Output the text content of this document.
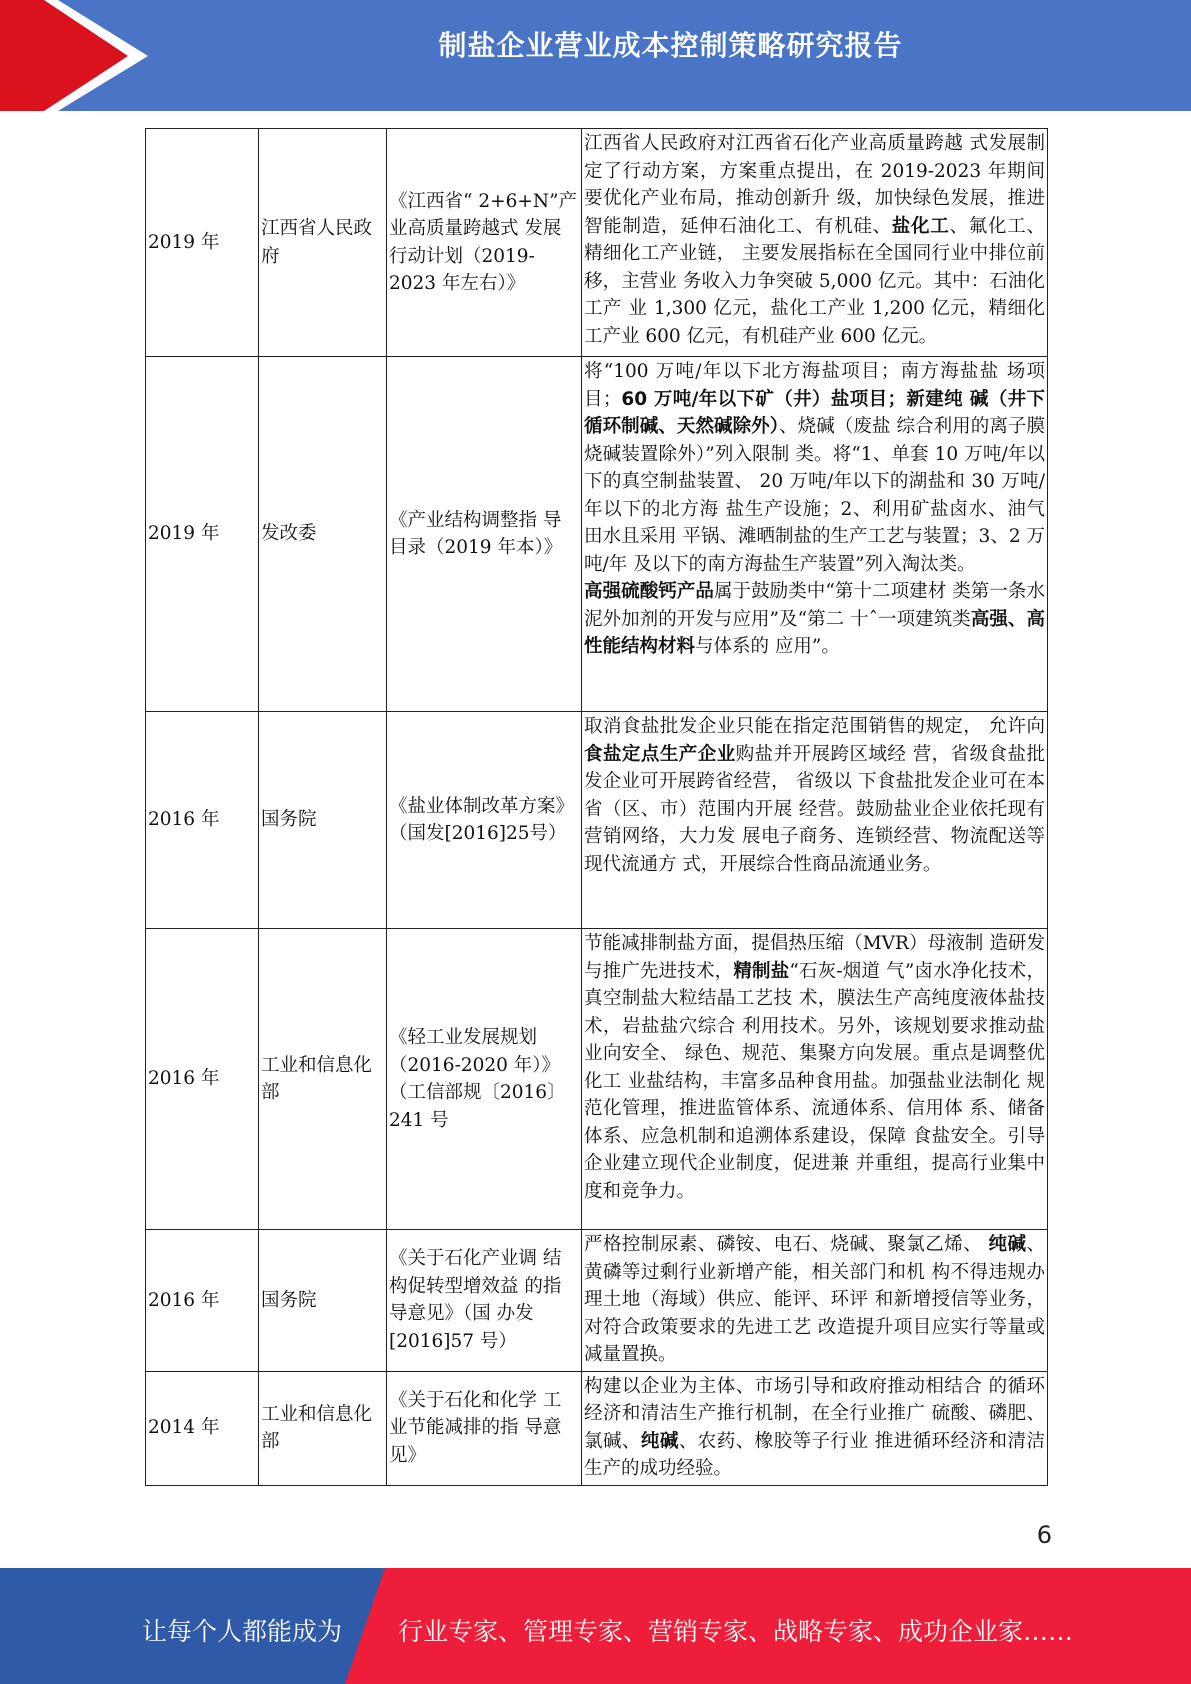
制盐企业营业成本控制策略研究报告
2019 年	江西省人民政府	《江西省“ 2+6+N”产业高质量跨越式 发展行动计划（2019-2023 年左右）》	江西省人民政府对江西省石化产业高质量跨越 式发展制定了行动方案，方案重点提出，在 2019-2023 年期间要优化产业布局，推动创新升 级，加快绿色发展，推进智能制造，延伸石油化工、有机硅、盐化工、氟化工、精细化工产业链， 主要发展指标在全国同行业中排位前移，主营业 务收入力争突破 5,000 亿元。其中：石油化工产 业 1,300 亿元，盐化工产业 1,200 亿元，精细化 工产业 600 亿元，有机硅产业 600 亿元。

2019 年	发改委	《产业结构调整指 导目录（2019 年本）》	将“100 万吨/年以下北方海盐项目；南方海盐盐 场项目；60 万吨/年以下矿（井）盐项目；新建纯 碱（井下循环制碱、天然碱除外）、烧碱（废盐 综合利用的离子膜烧碱装置除外）”列入限制 类。将“1、单套 10 万吨/年以下的真空制盐装置、 20 万吨/年以下的湖盐和 30 万吨/年以下的北方海 盐生产设施；2、利用矿盐卤水、油气田水且采用 平锅、滩晒制盐的生产工艺与装置；3、2 万吨/年 及以下的南方海盐生产装置”列入淘汰类。
高强硫酸钙产品属于鼓励类中“第十二项建材 类第一条水泥外加剂的开发与应用”及“第二 十ˆ一项建筑类高强、高性能结构材料与体系的 应用”。

2016 年	国务院	《盐业体制改革方案》（国发[2016]25号）	取消食盐批发企业只能在指定范围销售的规定， 允许向食盐定点生产企业购盐并开展跨区域经 营，省级食盐批发企业可开展跨省经营， 省级以 下食盐批发企业可在本省（区、市）范围内开展 经营。鼓励盐业企业依托现有营销网络，大力发 展电子商务、连锁经营、物流配送等现代流通方 式，开展综合性商品流通业务。

2016 年	工业和信息化部	《轻工业发展规划（2016-2020 年）》（工信部规〔2016〕241 号	节能减排制盐方面，提倡热压缩（MVR）母液制 造研发与推广先进技术，精制盐“石灰-烟道 气”卤水净化技术，真空制盐大粒结晶工艺技 术，膜法生产高纯度液体盐技术，岩盐盐穴综合 利用技术。另外，该规划要求推动盐业向安全、 绿色、规范、集聚方向发展。重点是调整优化工 业盐结构，丰富多品种食用盐。加强盐业法制化 规范化管理，推进监管体系、流通体系、信用体 系、储备体系、应急机制和追溯体系建设，保障 食盐安全。引导企业建立现代企业制度，促进兼 并重组，提高行业集中度和竞争力。

2016 年	国务院	《关于石化产业调 结构促转型增效益 的指导意见》（国 办发[2016]57 号）	严格控制尿素、磷铵、电石、烧碱、聚氯乙烯、 纯碱、黄磷等过剩行业新增产能，相关部门和机 构不得违规办理土地（海域）供应、能评、环评 和新增授信等业务，对符合政策要求的先进工艺 改造提升项目应实行等量或减量置换。

2014 年	工业和信息化部	《关于石化和化学 工业节能减排的指 导意见》	构建以企业为主体、市场引导和政府推动相结合 的循环经济和清洁生产推行机制，在全行业推广 硫酸、磷肥、氯碱、纯碱、农药、橡胶等子行业 推进循环经济和清洁生产的成功经验。
6
让每个人都能成为 行业专家、管理专家、营销专家、战略专家、成功企业家……
